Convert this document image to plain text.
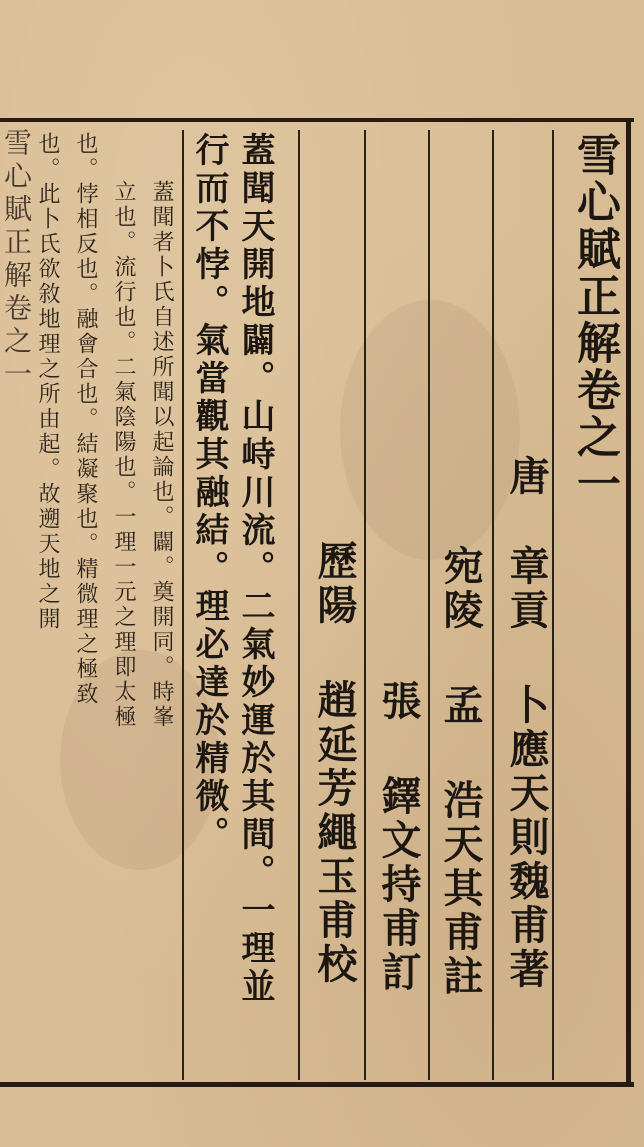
雪心賦正解卷之一

唐

章貢 卜應天則魏甫著

宛陵 孟 浩天其甫註

張 鐸文持甫訂

歷陽 趙延芳繩玉甫校

蓋聞天開地闢。山峙川流。二氣妙運於其間。一理並

行而不悖。氣當觀其融結。理必達於精微。

蓋聞者卜氏自述所聞以起論也。闢。奠開同。時峯

立也。流行也。二氣陰陽也。一理一元之理即太極

也。悖相反也。融會合也。結凝聚也。精微理之極致

也。此卜氏欲敘地理之所由起。故遡天地之開

雪心賦正解卷之一
